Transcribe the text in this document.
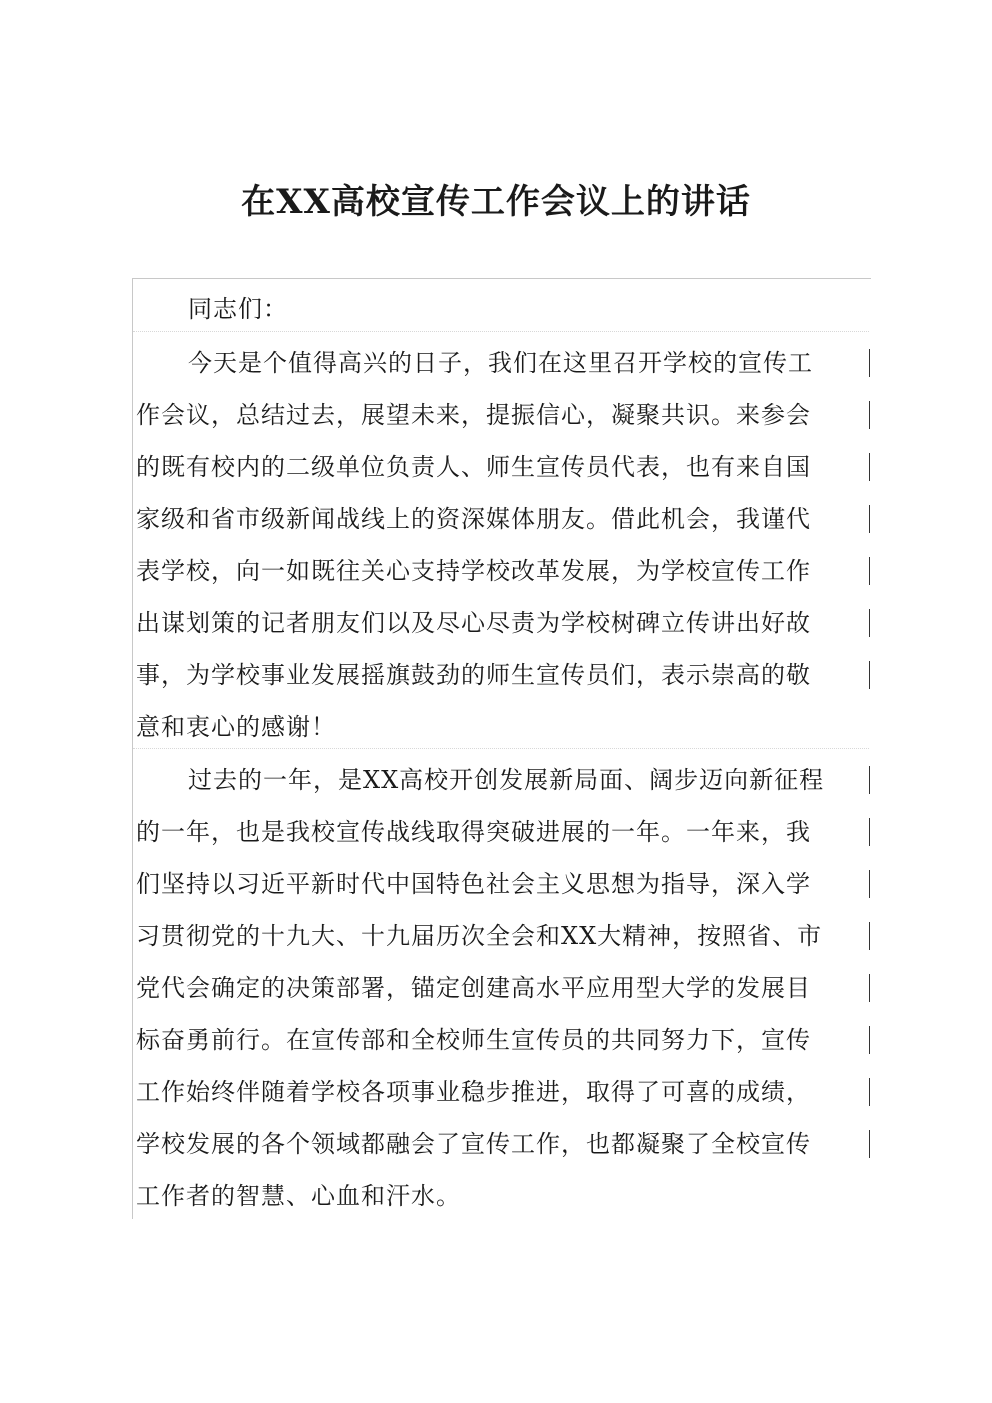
在XX高校宣传工作会议上的讲话

同志们：

今天是个值得高兴的日子，我们在这里召开学校的宣传工
作会议，总结过去，展望未来，提振信心，凝聚共识。来参会
的既有校内的二级单位负责人、师生宣传员代表，也有来自国
家级和省市级新闻战线上的资深媒体朋友。借此机会，我谨代
表学校，向一如既往关心支持学校改革发展，为学校宣传工作
出谋划策的记者朋友们以及尽心尽责为学校树碑立传讲出好故
事，为学校事业发展摇旗鼓劲的师生宣传员们，表示崇高的敬
意和衷心的感谢！

过去的一年，是XX高校开创发展新局面、阔步迈向新征程
的一年，也是我校宣传战线取得突破进展的一年。一年来，我
们坚持以习近平新时代中国特色社会主义思想为指导，深入学
习贯彻党的十九大、十九届历次全会和XX大精神，按照省、市
党代会确定的决策部署，锚定创建高水平应用型大学的发展目
标奋勇前行。在宣传部和全校师生宣传员的共同努力下，宣传
工作始终伴随着学校各项事业稳步推进，取得了可喜的成绩，
学校发展的各个领域都融会了宣传工作，也都凝聚了全校宣传
工作者的智慧、心血和汗水。
